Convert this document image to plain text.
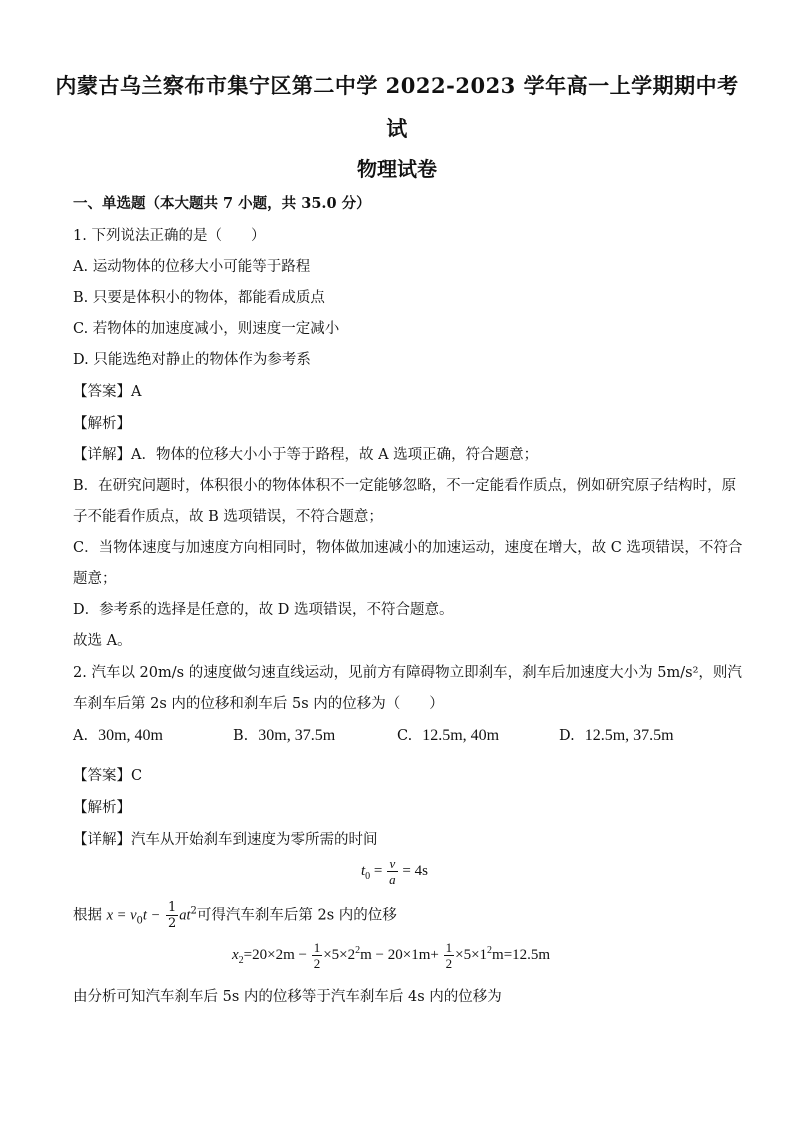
内蒙古乌兰察布市集宁区第二中学 2022-2023 学年高一上学期期中考
试
物理试卷
一、单选题（本大题共 7 小题，共 35.0 分）
1. 下列说法正确的是（　　）
A. 运动物体的位移大小可能等于路程
B. 只要是体积小的物体，都能看成质点
C. 若物体的加速度减小，则速度一定减小
D. 只能选绝对静止的物体作为参考系
【答案】A
【解析】
【详解】A．物体的位移大小小于等于路程，故 A 选项正确，符合题意；
B．在研究问题时，体积很小的物体体积不一定能够忽略，不一定能看作质点，例如研究原子结构时，原
子不能看作质点，故 B 选项错误，不符合题意；
C．当物体速度与加速度方向相同时，物体做加速减小的加速运动，速度在增大，故 C 选项错误，不符合
题意；
D．参考系的选择是任意的，故 D 选项错误，不符合题意。
故选 A。
2. 汽车以 20m/s 的速度做匀速直线运动，见前方有障碍物立即刹车，刹车后加速度大小为 5m/s²，则汽
车刹车后第 2s 内的位移和刹车后 5s 内的位移为（　　）
A. 30m, 40m	B. 30m, 37.5m	C. 12.5m, 40m	D. 12.5m, 37.5m
【答案】C
【解析】
【详解】汽车从开始刹车到速度为零所需的时间
$t_0 = \frac{v}{a} = 4s$
根据 $x = v_0t - \frac{1}{2} at^2$可得汽车刹车后第 2s 内的位移
$x_2=20\times 2m - \frac{1}{2} \times 5\times 2^2m - 20\times 1m+ \frac{1}{2} \times 5\times 1^2m=12.5m$
由分析可知汽车刹车后 5s 内的位移等于汽车刹车后 4s 内的位移为
